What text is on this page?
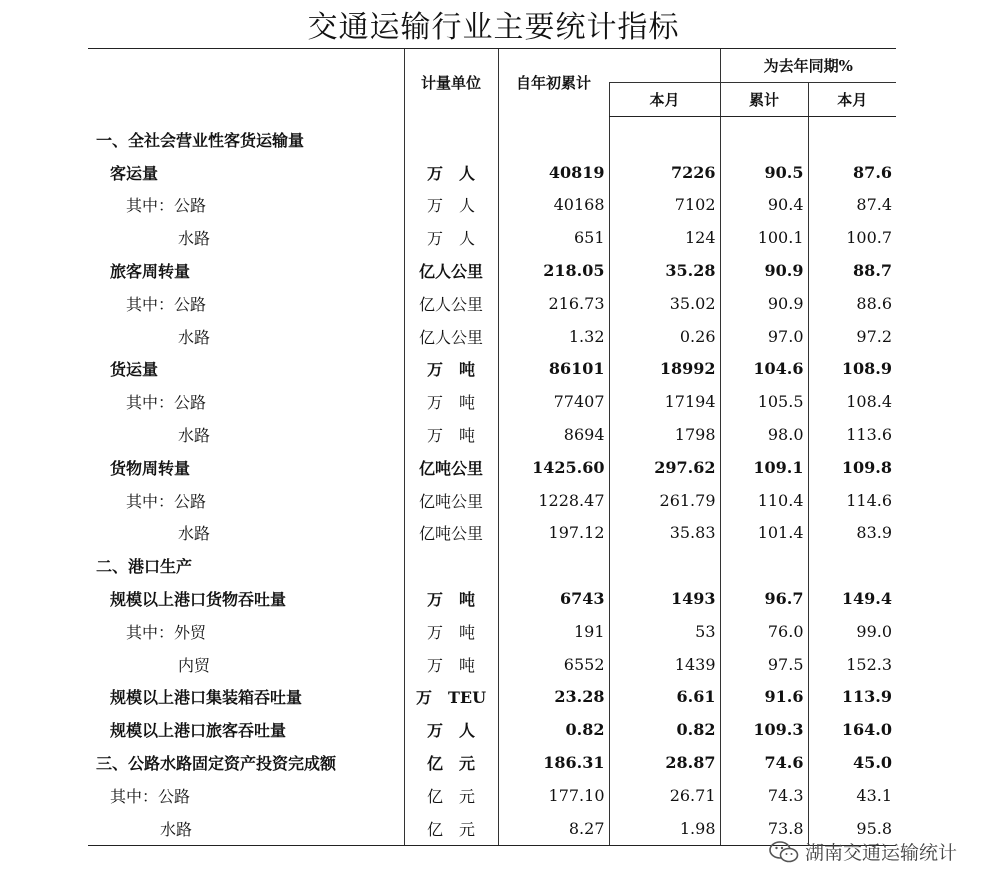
交通运输行业主要统计指标
	计量单位	自年初累计		为去年同期%	
			本月	累计	本月
一、全社会营业性客货运输量					
客运量	万　人	40819	7226	90.5	87.6
其中：公路	万　人	40168	7102	90.4	87.4
水路	万　人	651	124	100.1	100.7
旅客周转量	亿人公里	218.05	35.28	90.9	88.7
其中：公路	亿人公里	216.73	35.02	90.9	88.6
水路	亿人公里	1.32	0.26	97.0	97.2
货运量	万　吨	86101	18992	104.6	108.9
其中：公路	万　吨	77407	17194	105.5	108.4
水路	万　吨	8694	1798	98.0	113.6
货物周转量	亿吨公里	1425.60	297.62	109.1	109.8
其中：公路	亿吨公里	1228.47	261.79	110.4	114.6
水路	亿吨公里	197.12	35.83	101.4	83.9
二、港口生产					
规模以上港口货物吞吐量	万　吨	6743	1493	96.7	149.4
其中：外贸	万　吨	191	53	76.0	99.0
内贸	万　吨	6552	1439	97.5	152.3
规模以上港口集装箱吞吐量	万　TEU	23.28	6.61	91.6	113.9
规模以上港口旅客吞吐量	万　人	0.82	0.82	109.3	164.0
三、公路水路固定资产投资完成额	亿　元	186.31	28.87	74.6	45.0
其中：公路	亿　元	177.10	26.71	74.3	43.1
水路	亿　元	8.27	1.98	73.8	95.8
湖南交通运输统计
